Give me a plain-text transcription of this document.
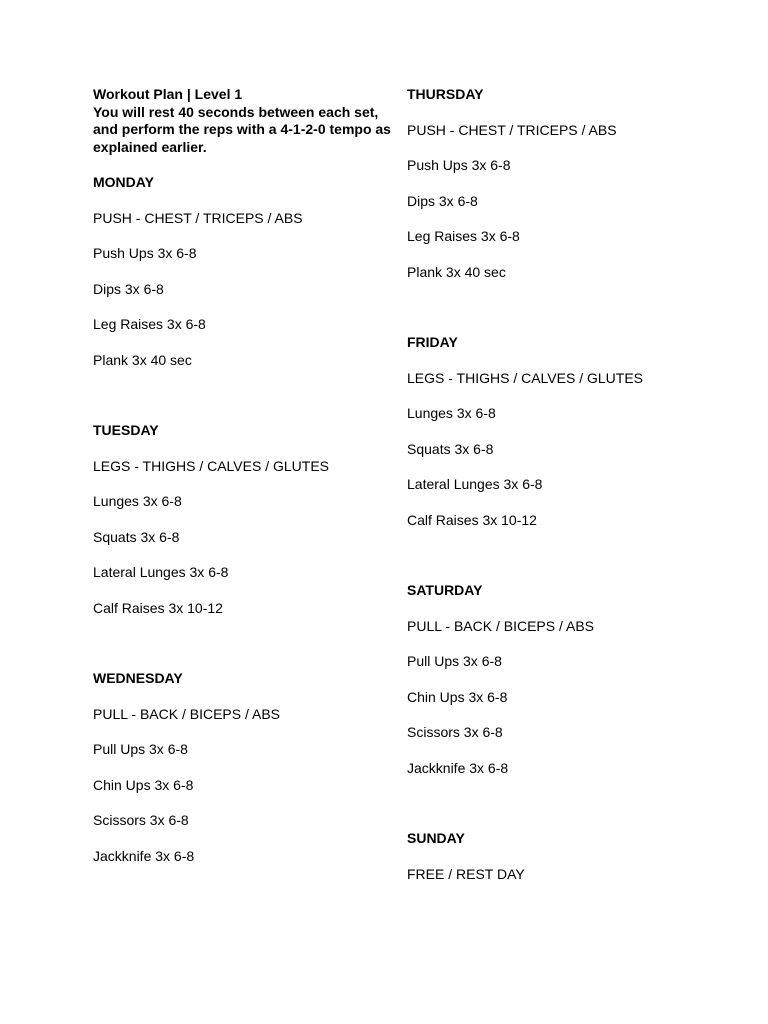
Workout Plan | Level 1
You will rest 40 seconds between each set, and perform the reps with a 4-1-2-0 tempo as explained earlier.
MONDAY
PUSH - CHEST / TRICEPS / ABS
Push Ups 3x 6-8
Dips 3x 6-8
Leg Raises 3x 6-8
Plank 3x 40 sec
TUESDAY
LEGS - THIGHS / CALVES / GLUTES
Lunges 3x 6-8
Squats 3x 6-8
Lateral Lunges 3x 6-8
Calf Raises 3x 10-12
WEDNESDAY
PULL - BACK / BICEPS / ABS
Pull Ups 3x 6-8
Chin Ups 3x 6-8
Scissors 3x 6-8
Jackknife 3x 6-8
THURSDAY
PUSH - CHEST / TRICEPS / ABS
Push Ups 3x 6-8
Dips 3x 6-8
Leg Raises 3x 6-8
Plank 3x 40 sec
FRIDAY
LEGS - THIGHS / CALVES / GLUTES
Lunges 3x 6-8
Squats 3x 6-8
Lateral Lunges 3x 6-8
Calf Raises 3x 10-12
SATURDAY
PULL - BACK / BICEPS / ABS
Pull Ups 3x 6-8
Chin Ups 3x 6-8
Scissors 3x 6-8
Jackknife 3x 6-8
SUNDAY
FREE / REST DAY
